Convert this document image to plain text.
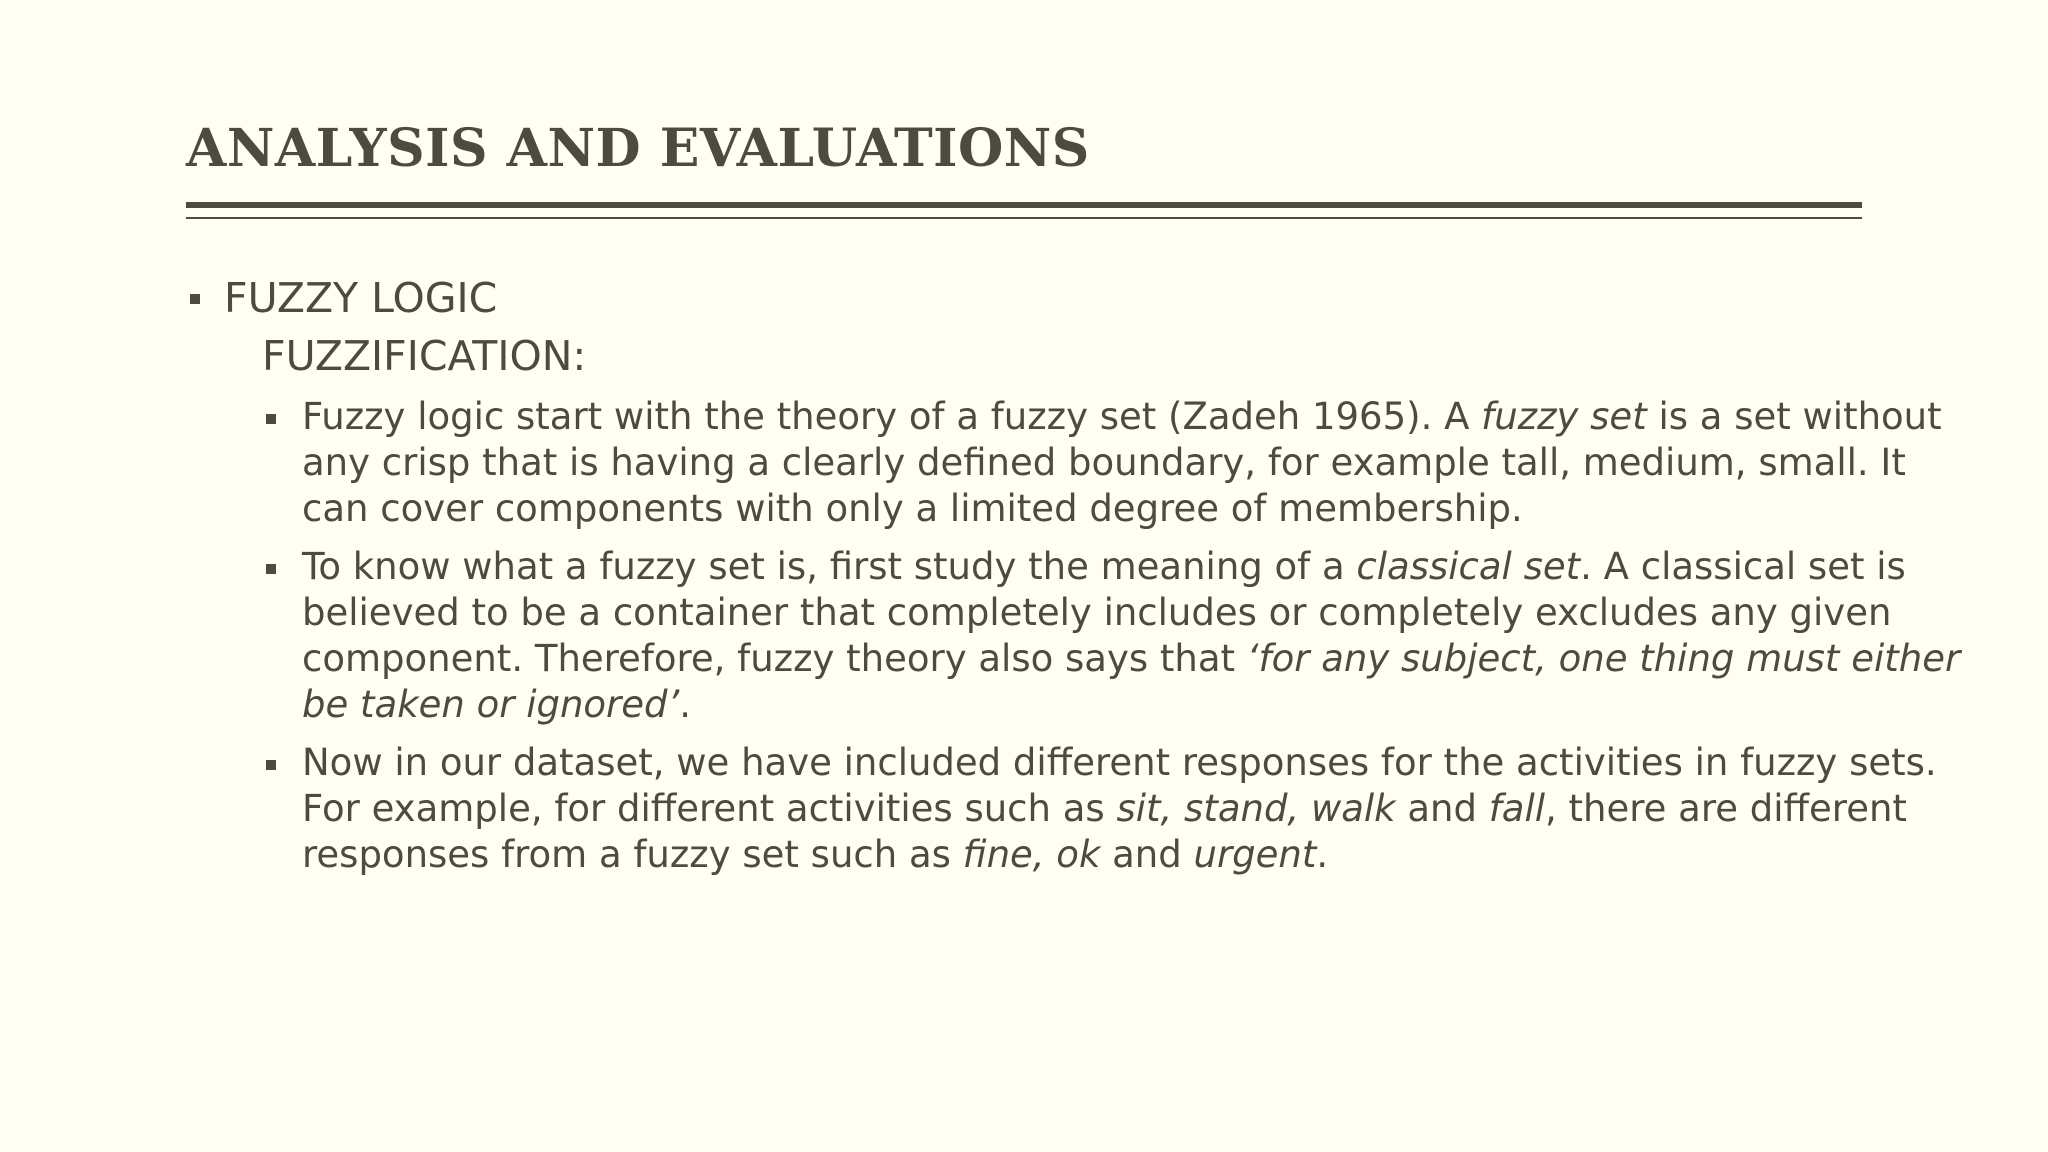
ANALYSIS AND EVALUATIONS
FUZZY LOGIC
FUZZIFICATION:
Fuzzy logic start with the theory of a fuzzy set (Zadeh 1965). A fuzzy set is a set without
any crisp that is having a clearly defined boundary, for example tall, medium, small. It
can cover components with only a limited degree of membership.
To know what a fuzzy set is, first study the meaning of a classical set. A classical set is
believed to be a container that completely includes or completely excludes any given
component. Therefore, fuzzy theory also says that ‘for any subject, one thing must either
be taken or ignored’.
Now in our dataset, we have included different responses for the activities in fuzzy sets.
For example, for different activities such as sit, stand, walk and fall, there are different
responses from a fuzzy set such as fine, ok and urgent.
